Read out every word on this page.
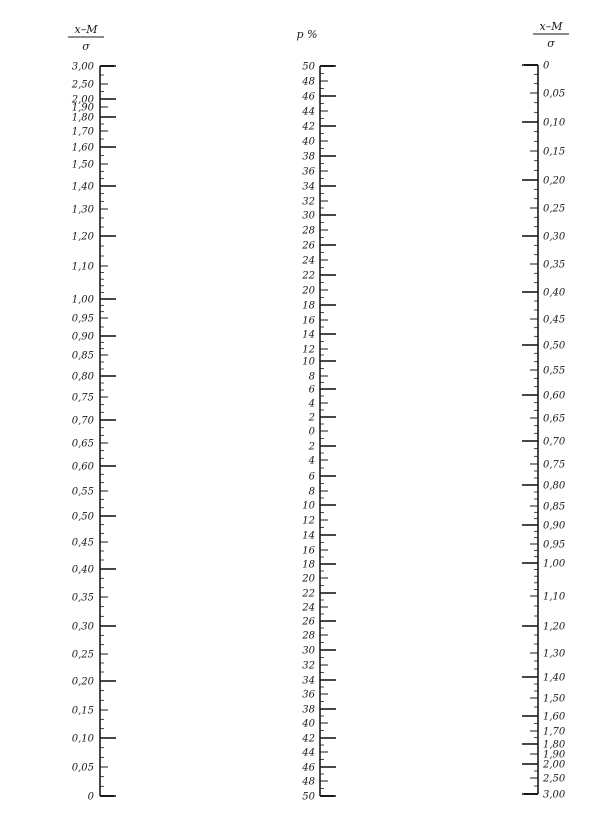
x–M
σ
p %
x–M
σ
3,00
2,50
2,00
1,90
1,80
1,70
1,60
1,50
1,40
1,30
1,20
1,10
1,00
0,95
0,90
0,85
0,80
0,75
0,70
0,65
0,60
0,55
0,50
0,45
0,40
0,35
0,30
0,25
0,20
0,15
0,10
0,05
0
50
48
46
44
42
40
38
36
34
32
30
28
26
24
22
20
18
16
14
12
10
8
6
4
2
0
2
4
6
8
10
12
14
16
18
20
22
24
26
28
30
32
34
36
38
40
42
44
46
48
50
0
0,05
0,10
0,15
0,20
0,25
0,30
0,35
0,40
0,45
0,50
0,55
0,60
0,65
0,70
0,75
0,80
0,85
0,90
0,95
1,00
1,10
1,20
1,30
1,40
1,50
1,60
1,70
1,80
1,90
2,00
2,50
3,00
